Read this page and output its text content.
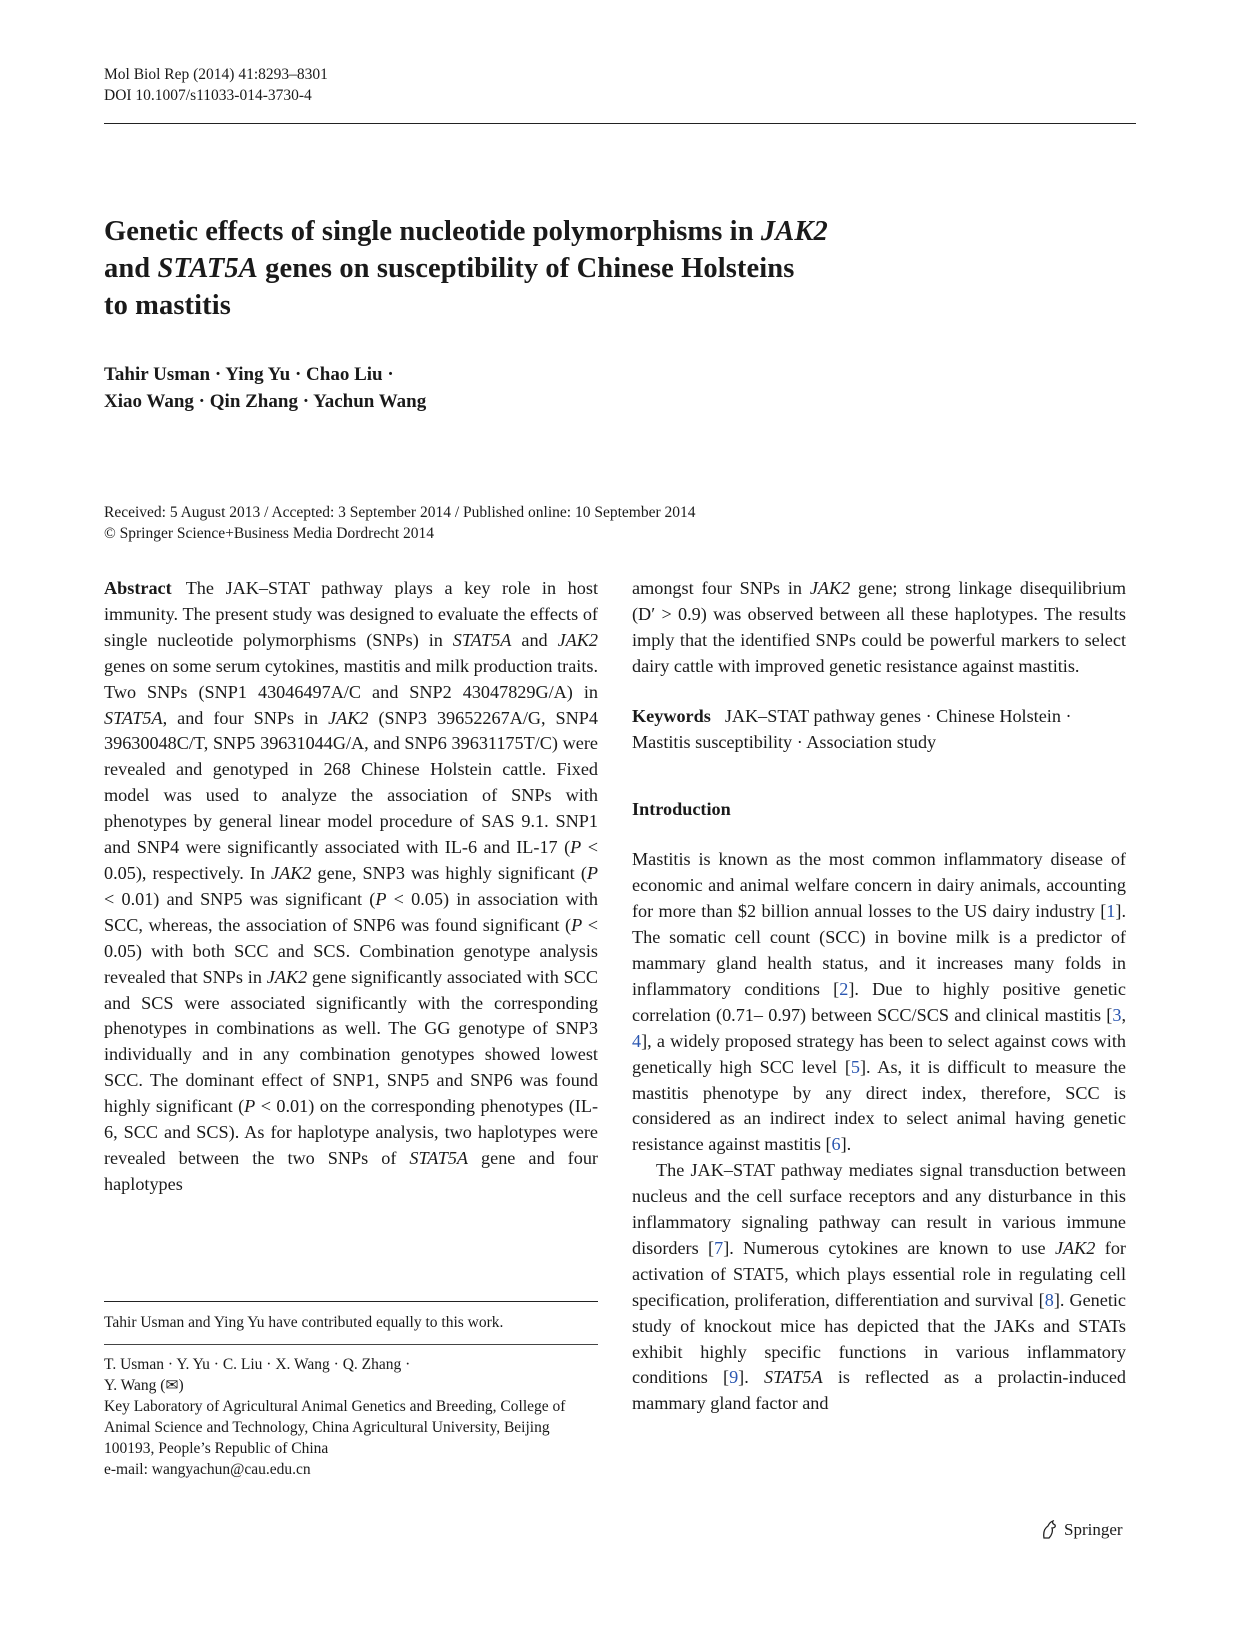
Mol Biol Rep (2014) 41:8293–8301
DOI 10.1007/s11033-014-3730-4
Genetic effects of single nucleotide polymorphisms in JAK2
and STAT5A genes on susceptibility of Chinese Holsteins
to mastitis
Tahir Usman · Ying Yu · Chao Liu ·
Xiao Wang · Qin Zhang · Yachun Wang
Received: 5 August 2013 / Accepted: 3 September 2014 / Published online: 10 September 2014
© Springer Science+Business Media Dordrecht 2014

Abstract The JAK–STAT pathway plays a key role in host immunity. The present study was designed to evaluate the effects of single nucleotide polymorphisms (SNPs) in STAT5A and JAK2 genes on some serum cytokines, mastitis and milk production traits. Two SNPs (SNP1 43046497A/C and SNP2 43047829G/A) in STAT5A, and four SNPs in JAK2 (SNP3 39652267A/G, SNP4 39630048C/T, SNP5 39631044G/A, and SNP6 39631175T/C) were revealed and genotyped in 268 Chinese Holstein cattle. Fixed model was used to analyze the association of SNPs with phenotypes by general linear model procedure of SAS 9.1. SNP1 and SNP4 were significantly associated with IL-6 and IL-17 (P < 0.05), respectively. In JAK2 gene, SNP3 was highly significant (P < 0.01) and SNP5 was significant (P < 0.05) in association with SCC, whereas, the association of SNP6 was found significant (P < 0.05) with both SCC and SCS. Combination genotype analysis revealed that SNPs in JAK2 gene significantly associated with SCC and SCS were associated significantly with the corresponding phenotypes in combinations as well. The GG genotype of SNP3 individually and in any combination genotypes showed lowest SCC. The dominant effect of SNP1, SNP5 and SNP6 was found highly significant (P < 0.01) on the corresponding phenotypes (IL-6, SCC and SCS). As for haplotype analysis, two haplotypes were revealed between the two SNPs of STAT5A gene and four haplotypes

Tahir Usman and Ying Yu have contributed equally to this work.
T. Usman · Y. Yu · C. Liu · X. Wang · Q. Zhang ·
Y. Wang (✉)
Key Laboratory of Agricultural Animal Genetics and Breeding, College of Animal Science and Technology, China Agricultural University, Beijing 100193, People’s Republic of China
e-mail: wangyachun@cau.edu.cn

amongst four SNPs in JAK2 gene; strong linkage disequilibrium (D′ > 0.9) was observed between all these haplotypes. The results imply that the identified SNPs could be powerful markers to select dairy cattle with improved genetic resistance against mastitis.

Keywords JAK–STAT pathway genes · Chinese Holstein · Mastitis susceptibility · Association study

Introduction

Mastitis is known as the most common inflammatory disease of economic and animal welfare concern in dairy animals, accounting for more than $2 billion annual losses to the US dairy industry [1]. The somatic cell count (SCC) in bovine milk is a predictor of mammary gland health status, and it increases many folds in inflammatory conditions [2]. Due to highly positive genetic correlation (0.71– 0.97) between SCC/SCS and clinical mastitis [3, 4], a widely proposed strategy has been to select against cows with genetically high SCC level [5]. As, it is difficult to measure the mastitis phenotype by any direct index, therefore, SCC is considered as an indirect index to select animal having genetic resistance against mastitis [6].

The JAK–STAT pathway mediates signal transduction between nucleus and the cell surface receptors and any disturbance in this inflammatory signaling pathway can result in various immune disorders [7]. Numerous cytokines are known to use JAK2 for activation of STAT5, which plays essential role in regulating cell specification, proliferation, differentiation and survival [8]. Genetic study of knockout mice has depicted that the JAKs and STATs exhibit highly specific functions in various inflammatory conditions [9]. STAT5A is reflected as a prolactin-induced mammary gland factor and

Springer
